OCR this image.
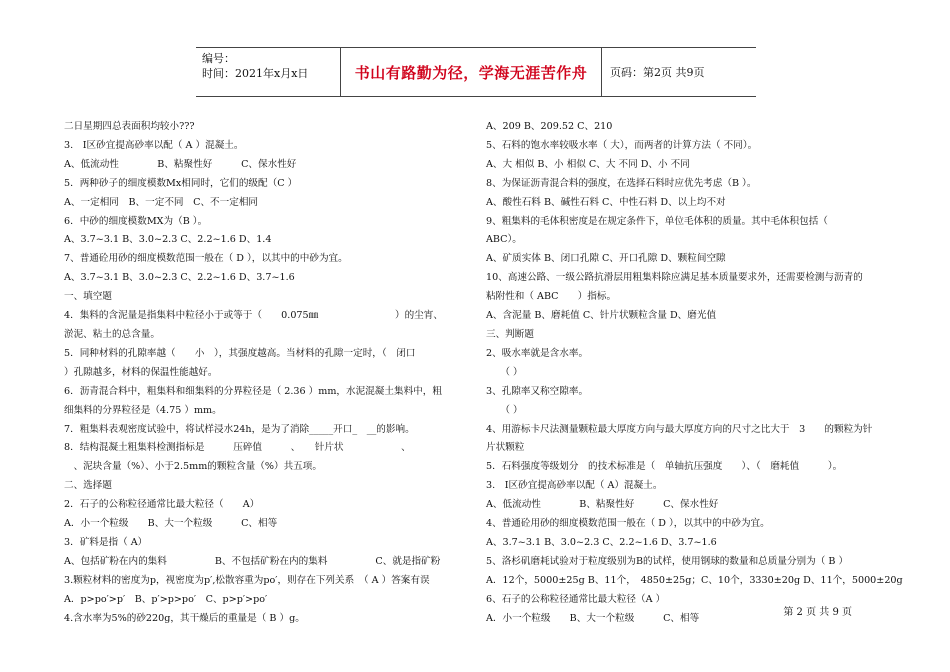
编号：
时间：2021年x月x日	书山有路勤为径，学海无涯苦作舟	页码：第2页 共9页

二日星期四总表面积均较小???

3.　I区砂宜提高砂率以配（ A ）混凝土。

A、低流动性　　　　B、粘聚性好　　　C、保水性好

5．两种砂子的细度模数Mx相同时，它们的级配（C ）

A、一定相同　B、一定不同　C、不一定相同

6．中砂的细度模数MX为（B ）。

A、3.7~3.1 B、3.0~2.3 C、2.2~1.6 D、1.4

7、普通砼用砂的细度模数范围一般在（ D ），以其中的中砂为宜。

A、3.7~3.1 B、3.0~2.3 C、2.2~1.6 D、3.7~1.6

一、填空题

4．集料的含泥量是指集料中粒径小于或等于（　　0.075㎜　　　　　　　　）的尘宵、

淤泥、粘土的总含量。

5．同种材料的孔隙率越（　　小　），其强度越高。当材料的孔隙一定时，（　闭口

）孔隙越多，材料的保温性能越好。

6．沥青混合料中，粗集料和细集料的分界粒径是（ 2.36 ）mm，水泥混凝土集料中，粗

细集料的分界粒径是（4.75 ）mm。

7．粗集料表观密度试验中，将试样浸水24h，是为了消除_____开口_　__的影响。

8．结构混凝土粗集料检测指标是　　　压碎值　　　、　　针片状　　　　　　、

　、泥块含量（%）、小于2.5mm的颗粒含量（%）共五项。

二、选择题

2．石子的公称粒径通常比最大粒径（　　A）

A．小一个粒级　　B、大一个粒级　　　C、相等

3．矿料是指（ A）

A、包括矿粉在内的集料　　　　　B、不包括矿粉在内的集料　　　　　C、就是指矿粉

3.颗粒材料的密度为p，视密度为p′,松散容重为po′，则存在下列关系　（ A ）答案有误

A．p>po′>p′　B、p′>p>po′　C、p>p′>po′

4.含水率为5%的砂220g，其干燥后的重量是（ B ）g。

A、209 B、209.52 C、210

5、石料的饱水率较吸水率（ 大），而两者的计算方法（ 不同）。

A、大 相似 B、小 相似 C、大 不同 D、小 不同

8、为保证沥青混合料的强度，在选择石料时应优先考虑（B ）。

A、酸性石料 B、碱性石料 C、中性石料 D、以上均不对

9、粗集料的毛体积密度是在规定条件下，单位毛体积的质量。其中毛体积包括（

ABC）。

A、矿质实体 B、闭口孔隙 C、开口孔隙 D、颗粒间空隙

10、高速公路、一级公路抗滑层用粗集料除应满足基本质量要求外，还需要检测与沥青的

粘附性和（ ABC　　）指标。

A、含泥量 B、磨耗值 C、针片状颗粒含量 D、磨光值

三、判断题

2、吸水率就是含水率。

　　（ ）

3、孔隙率又称空隙率。

　　（ ）

4、用游标卡尺法测量颗粒最大厚度方向与最大厚度方向的尺寸之比大于　3　　的颗粒为针

片状颗粒

5．石料强度等级划分　的技术标准是（　单轴抗压强度　　）、（　磨耗值　　　）。

3.　I区砂宜提高砂率以配（ A）混凝土。

A、低流动性　　　　B、粘聚性好　　　C、保水性好

4、普通砼用砂的细度模数范围一般在（ D ），以其中的中砂为宜。

A、3.7~3.1 B、3.0~2.3 C、2.2~1.6 D、3.7~1.6

5、洛杉矶磨耗试验对于粒度级别为B的试样，使用钢球的数量和总质量分别为（ B ）

A．12个，5000±25g B、11个，　4850±25g；C、10个，3330±20g D、11个，5000±20g

6、石子的公称粒径通常比最大粒径（A ）

A．小一个粒级　　B、大一个粒级　　　C、相等

第 2 页 共 9 页
